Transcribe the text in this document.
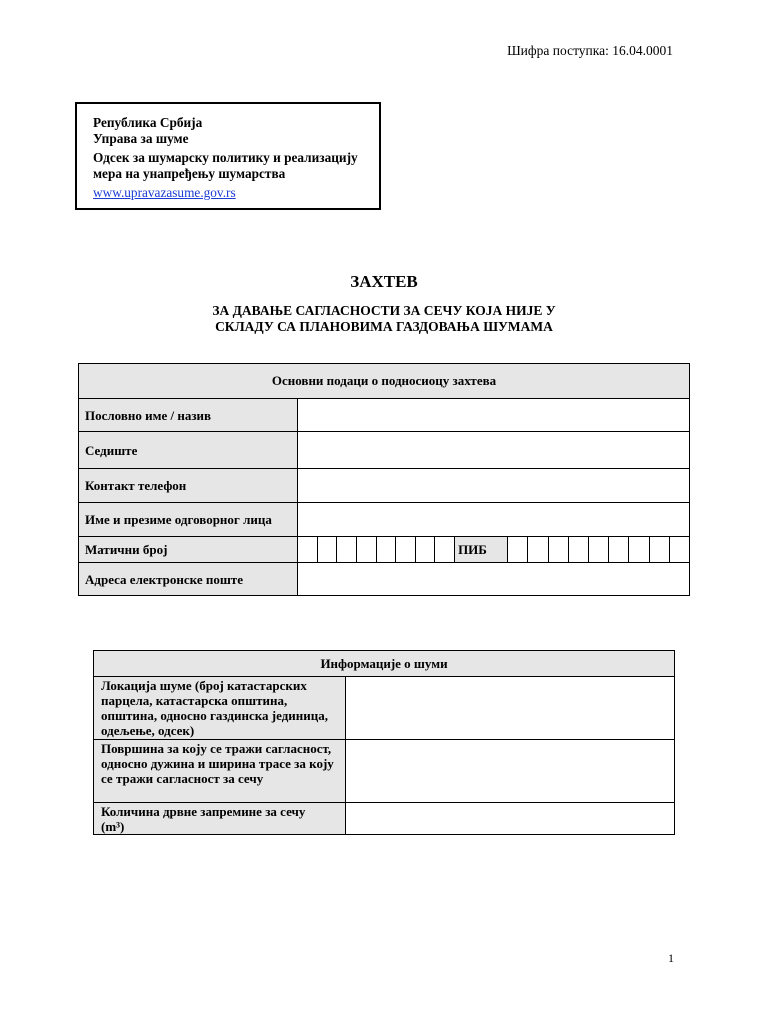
Шифра поступка: 16.04.0001
Република Србија
Управа за шуме
Одсек за шумарску политику и реализацију
мера на унапређењу шумарства
www.upravazasume.gov.rs
ЗАХТЕВ
ЗА ДАВАЊЕ САГЛАСНОСТИ ЗА СЕЧУ КОЈА НИЈЕ У
СКЛАДУ СА ПЛАНОВИМА ГАЗДОВАЊА ШУМАМА
Основни подаци о подносиоцу захтева																		
Пословно име / назив																		
Седиште																		
Контакт телефон																		
Име и презиме одговорног лица																		
Матични број									ПИБ									
Адреса електронске поште																		
Информације о шуми	
Локација шуме (број катастарских парцела, катастарска општина, општина, односно газдинска јединица, одељење, одсек)	
Површина за коју се тражи сагласност, односно дужина и ширина трасе за коју се тражи сагласност за сечу	
Количина дрвне запремине за сечу
(m³)	
1
